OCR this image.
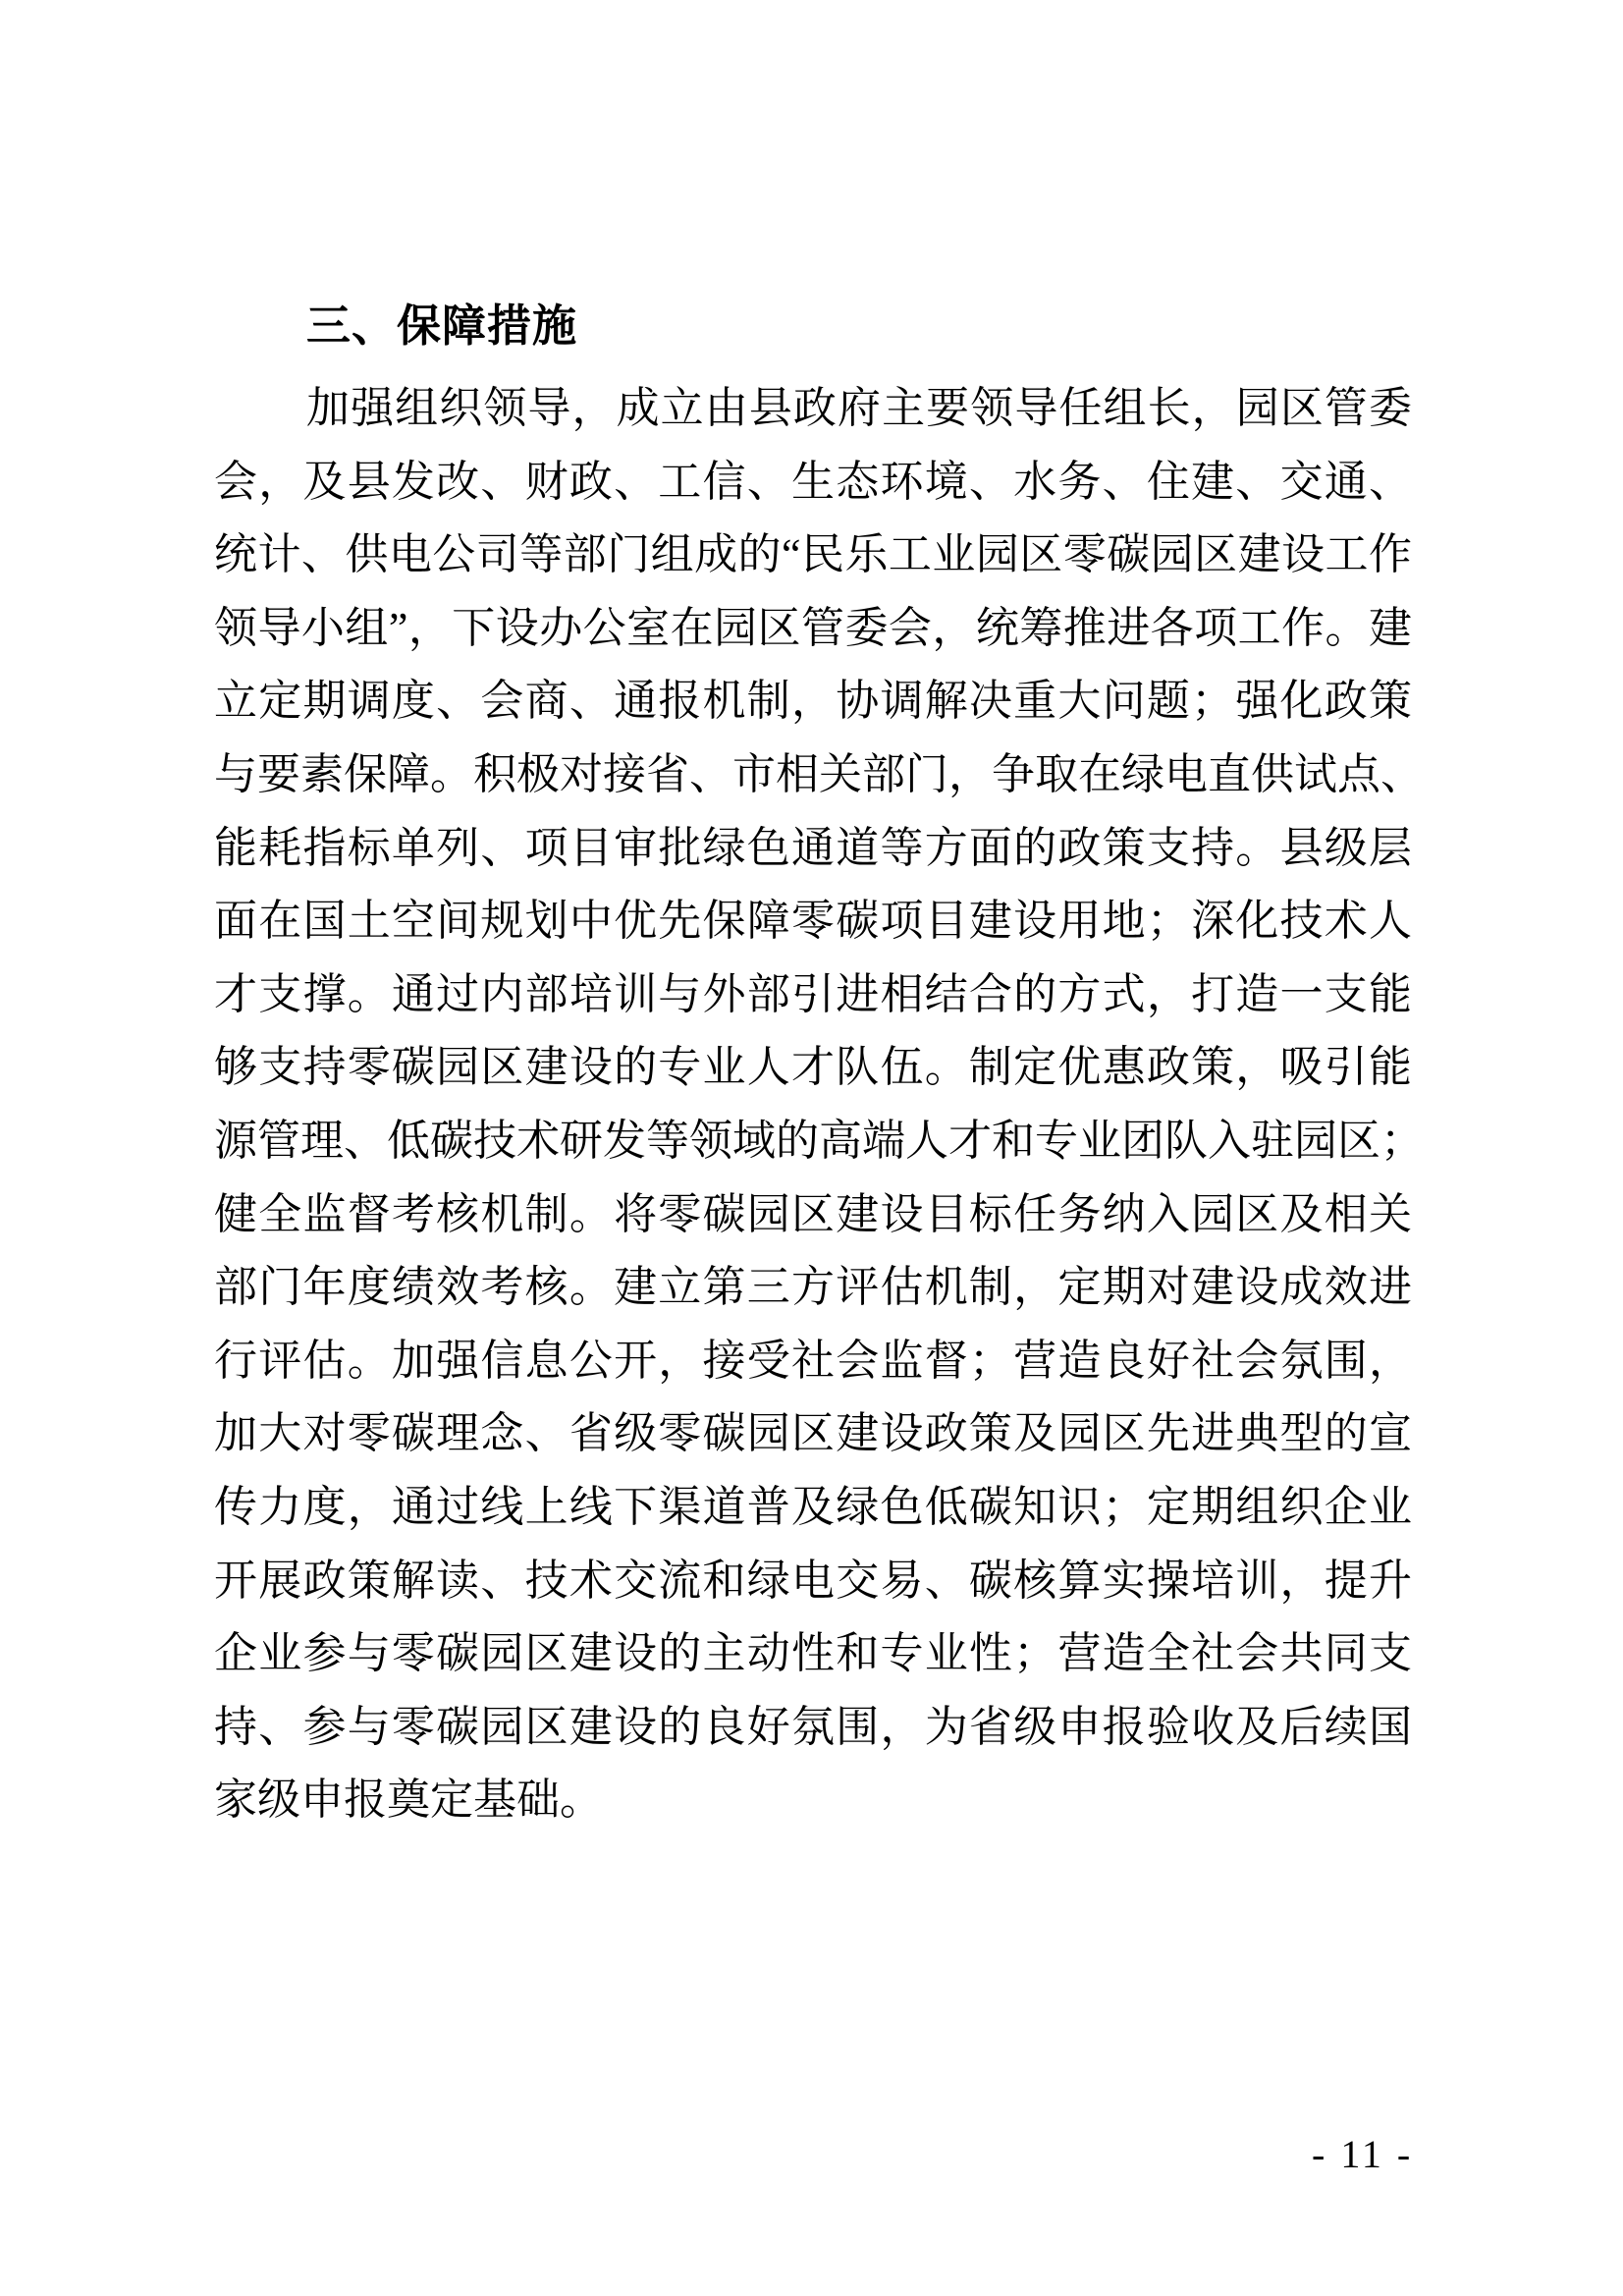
三、保障措施
加强组织领导，成立由县政府主要领导任组长，园区管委
会，及县发改、财政、工信、生态环境、水务、住建、交通、
统计、供电公司等部门组成的“民乐工业园区零碳园区建设工作
领导小组”，下设办公室在园区管委会，统筹推进各项工作。建
立定期调度、会商、通报机制，协调解决重大问题；强化政策
与要素保障。积极对接省、市相关部门，争取在绿电直供试点、
能耗指标单列、项目审批绿色通道等方面的政策支持。县级层
面在国土空间规划中优先保障零碳项目建设用地；深化技术人
才支撑。通过内部培训与外部引进相结合的方式，打造一支能
够支持零碳园区建设的专业人才队伍。制定优惠政策，吸引能
源管理、低碳技术研发等领域的高端人才和专业团队入驻园区；
健全监督考核机制。将零碳园区建设目标任务纳入园区及相关
部门年度绩效考核。建立第三方评估机制，定期对建设成效进
行评估。加强信息公开，接受社会监督；营造良好社会氛围，
加大对零碳理念、省级零碳园区建设政策及园区先进典型的宣
传力度，通过线上线下渠道普及绿色低碳知识；定期组织企业
开展政策解读、技术交流和绿电交易、碳核算实操培训，提升
企业参与零碳园区建设的主动性和专业性；营造全社会共同支
持、参与零碳园区建设的良好氛围，为省级申报验收及后续国
家级申报奠定基础。
- 11 -
